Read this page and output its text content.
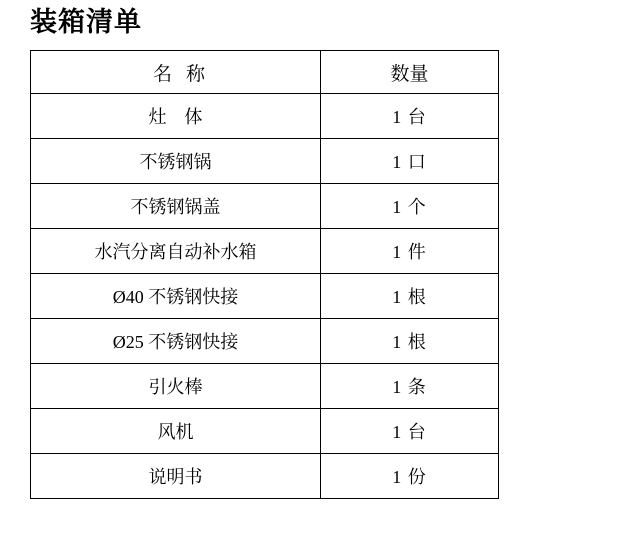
装箱清单
名称	数量
灶　体	1 台
不锈钢锅	1 口
不锈钢锅盖	1 个
水汽分离自动补水箱	1 件
Ø40 不锈钢快接	1 根
Ø25 不锈钢快接	1 根
引火棒	1 条
风机	1 台
说明书	1 份
